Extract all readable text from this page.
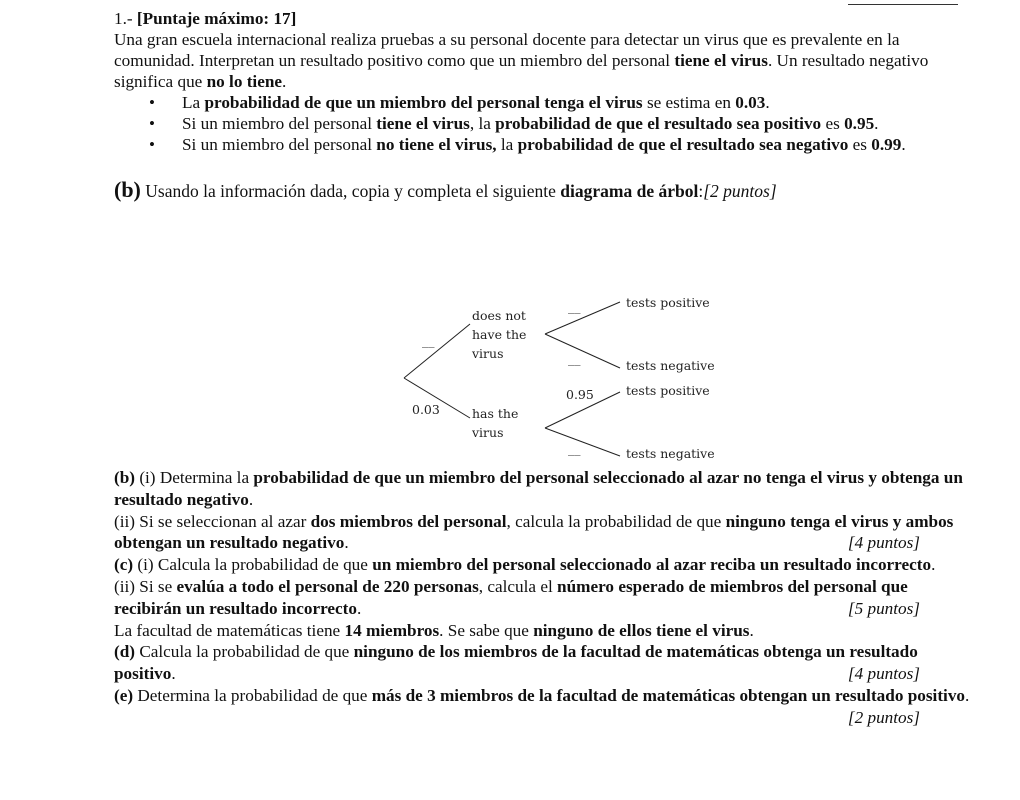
1.- [Puntaje máximo: 17]

Una gran escuela internacional realiza pruebas a su personal docente para detectar un virus que es prevalente en la comunidad. Interpretan un resultado positivo como que un miembro del personal tiene el virus. Un resultado negativo significa que no lo tiene.

• La probabilidad de que un miembro del personal tenga el virus se estima en 0.03.
• Si un miembro del personal tiene el virus, la probabilidad de que el resultado sea positivo es 0.95.
• Si un miembro del personal no tiene el virus, la probabilidad de que el resultado sea negativo es 0.99.

(b) Usando la información dada, copia y completa el siguiente diagrama de árbol:[2 puntos]

__
does not
have the
virus
0.03	has the
virus
__
__
0.95
__
tests positive
tests negative
tests positive
tests negative

(b) (i) Determina la probabilidad de que un miembro del personal seleccionado al azar no tenga el virus y obtenga un resultado negativo.

(ii) Si se seleccionan al azar dos miembros del personal, calcula la probabilidad de que ninguno tenga el virus y ambos obtengan un resultado negativo.	[4 puntos]

(c) (i) Calcula la probabilidad de que un miembro del personal seleccionado al azar reciba un resultado incorrecto.

(ii) Si se evalúa a todo el personal de 220 personas, calcula el número esperado de miembros del personal que recibirán un resultado incorrecto.	[5 puntos]

La facultad de matemáticas tiene 14 miembros. Se sabe que ninguno de ellos tiene el virus.

(d) Calcula la probabilidad de que ninguno de los miembros de la facultad de matemáticas obtenga un resultado positivo.	[4 puntos]

(e) Determina la probabilidad de que más de 3 miembros de la facultad de matemáticas obtengan un resultado positivo.
[2 puntos]
